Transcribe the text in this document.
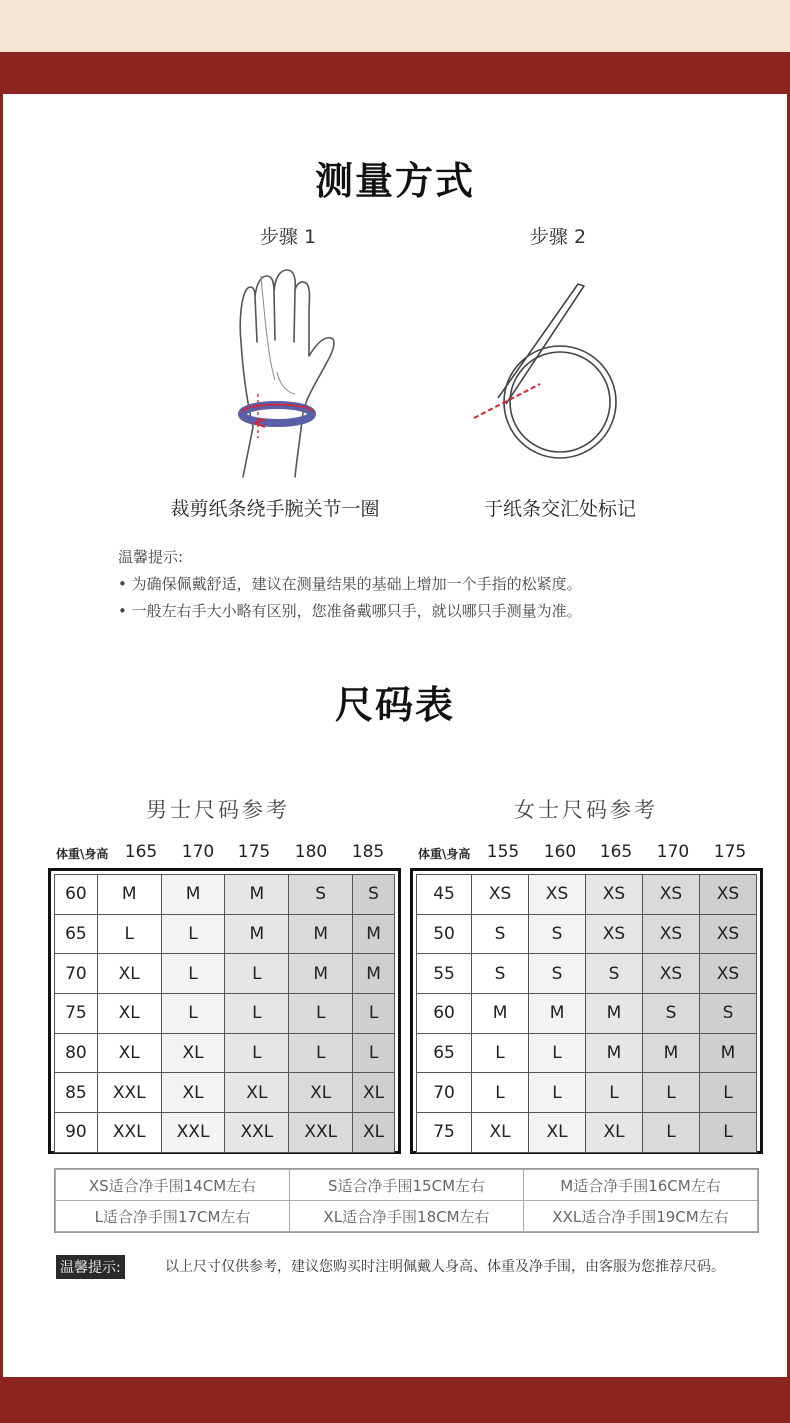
测量方式
步骤 1	步骤 2
裁剪纸条绕手腕关节一圈	于纸条交汇处标记
温馨提示:
• 为确保佩戴舒适，建议在测量结果的基础上增加一个手指的松紧度。
• 一般左右手大小略有区别，您准备戴哪只手，就以哪只手测量为准。
尺码表
男士尺码参考	女士尺码参考
体重\身高 165	170	175	180	185	体重\身高 155	160	165	170	175
60	M	M	M	S	S
65	L	L	M	M	M
70	XL	L	L	M	M
75	XL	L	L	L	L
80	XL	XL	L	L	L
85	XXL	XL	XL	XL	XL
90	XXL	XXL	XXL	XXL	XL
45	XS	XS	XS	XS	XS
50	S	S	XS	XS	XS
55	S	S	S	XS	XS
60	M	M	M	S	S
65	L	L	M	M	M
70	L	L	L	L	L
75	XL	XL	XL	L	L
XS适合净手围14CM左右	S适合净手围15CM左右	M适合净手围16CM左右
L适合净手围17CM左右	XL适合净手围18CM左右	XXL适合净手围19CM左右
温馨提示:	以上尺寸仅供参考，建议您购买时注明佩戴人身高、体重及净手围，由客服为您推荐尺码。
